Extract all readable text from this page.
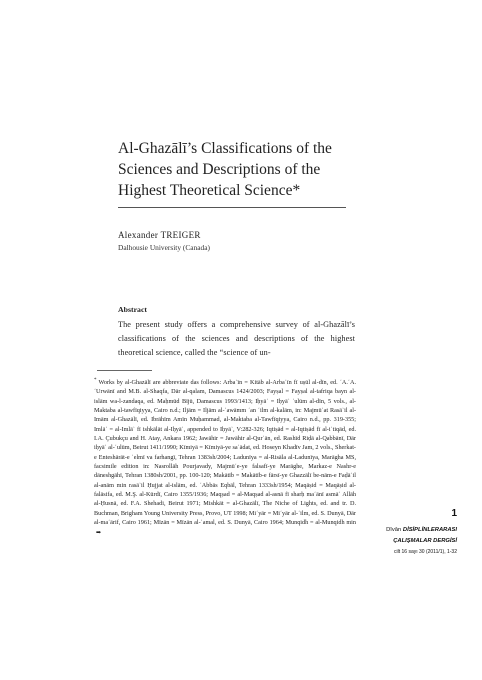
Al-Ghazālī’s Classifications of the Sciences and Descriptions of the Highest Theoretical Science*
Alexander TREIGER
Dalhousie University (Canada)
Abstract
The present study offers a comprehensive survey of al-Ghazālī’s classifications of the sciences and descriptions of the highest theoretical science, called the “science of un-
* Works by al-Ghazālī are abbreviate das follows: Arbaʿīn = Kitāb al-Arbaʿīn fī uṣūl al-dīn, ed. ʿA.ʿA. ʿUrwānī and M.B. al-Shaqfa, Dār al-qalam, Damascus 1424/2003; Fayṣal = Fayṣal al-tafriqa bayn al-islām wa-l-zandaqa, ed. Maḥmūd Bījū, Damascus 1993/1413; Iḥyāʾ = Iḥyāʾ ʿulūm al-dīn, 5 vols., al-Maktaba al-tawfīqiyya, Cairo n.d.; Iljām = Iljām al-ʿawāmm ʿan ʿilm al-kalām, in: Majmūʿat Rasāʾil al-Imām al-Ghazālī, ed. Ibrāhīm Amīn Muḥammad, al-Maktaba al-Tawfīqiyya, Cairo n.d., pp. 319-355; Imlāʾ = al-Imlāʾ fī ishkālāt al-Iḥyāʾ, appended to Iḥyāʾ, V:282-326; Iqtiṣād = al-Iqtiṣād fī al-iʿtiqād, ed. I.A. Çubukçu and H. Atay, Ankara 1962; Jawāhir = Jawāhir al-Qurʾān, ed. Rashīd Riḍā al-Qabbānī, Dār iḥyāʾ al-ʿulūm, Beirut 1411/1990; Kīmiyā = Kīmiyā-ye saʿādat, ed. Hoseyn Khadīv Jam, 2 vols., Sherkat-e Enteshārāt-e ʿelmī va farhangī, Tehran 1383sh/2004; Ladunīya = al-Risāla al-Ladunīya, Marāgha MS, facsimile edition in: Nasrollāh Pourjavady, Majmūʿe-ye falsafī-ye Marāghe, Markaz-e Nashr-e dāneshgāhī, Tehran 1380sh/2001, pp. 100-120; Makātīb = Makātīb-e fārsī-ye Ghazzālī be-nām-e Faḍāʾil al-anām min rasāʾil Ḥujjat al-islām, ed. ʿAbbās Eqbāl, Tehran 1333sh/1954; Maqāṣid = Maqāṣid al-falāsifa, ed. M.Ş. al-Kūrdī, Cairo 1355/1936; Maqṣad = al-Maqṣad al-asnā fī sharḥ maʿānī asmāʾ Allāh al-Ḥusnā, ed. F.A. Shehadi, Beirut 1971; Mishkāt = al-Ghazālī, The Niche of Lights, ed. and tr. D. Buchman, Brigham Young University Press, Provo, UT 1998; Miʿyār = Miʿyār al-ʿilm, ed. S. Dunyā, Dār al-maʿārif, Cairo 1961; Mīzān = Mīzān al-ʿamal, ed. S. Dunyā, Cairo 1964; Munqidh = al-Munqidh min ➡
1
Dîvân DİSİPLİNLERARASI
ÇALIŞMALAR DERGİSİ
cilt 16 sayı 30 (2011/1), 1-32
